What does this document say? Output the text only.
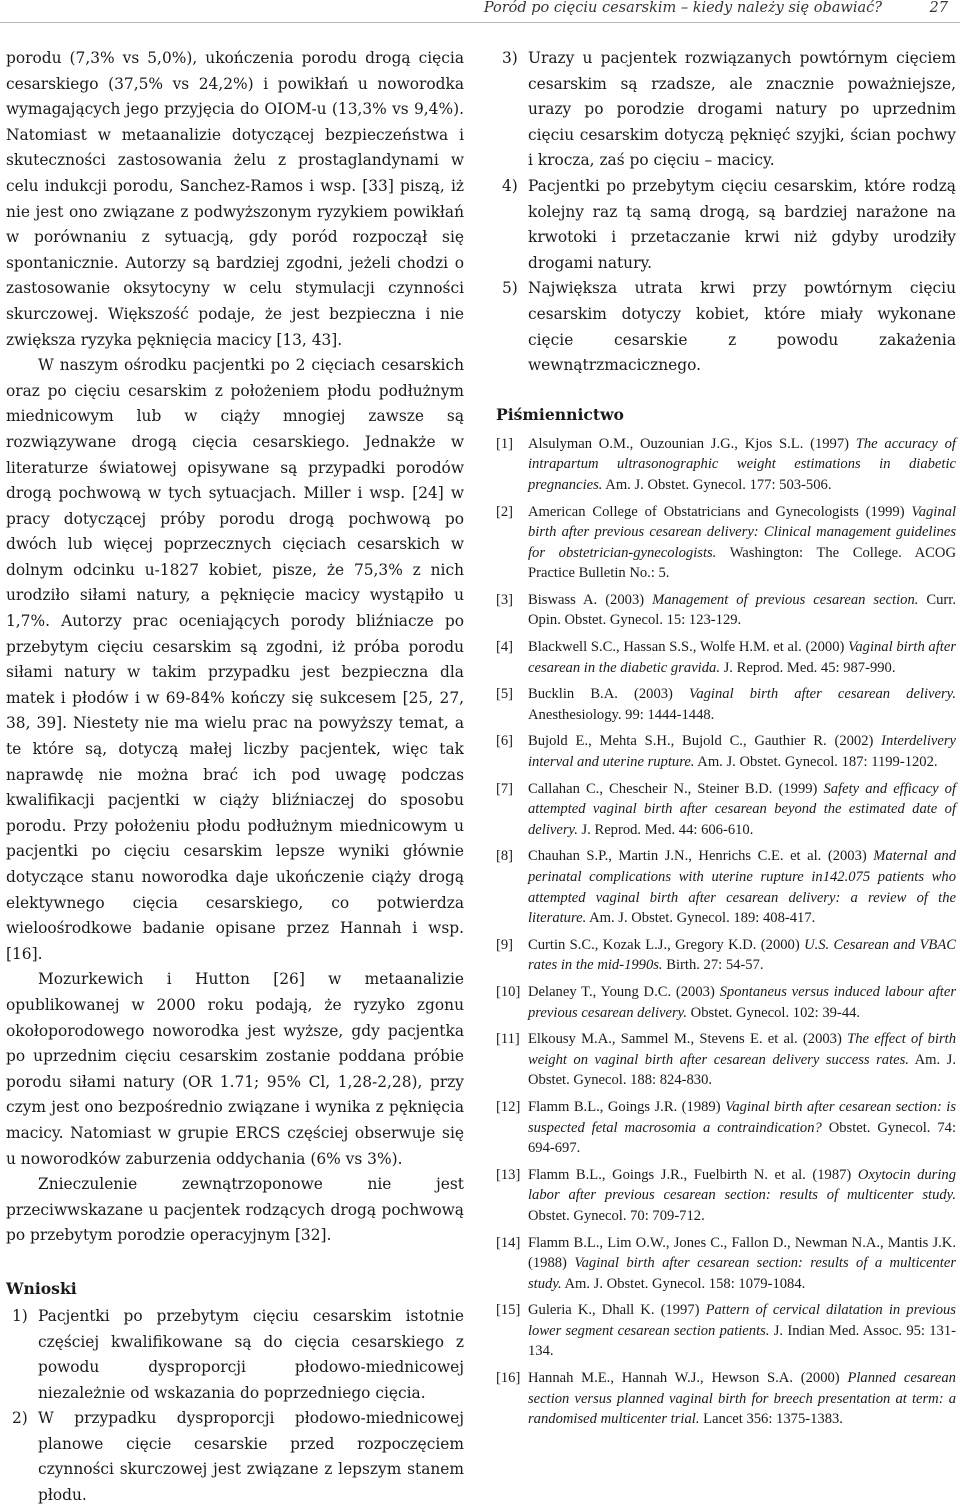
Poród po cięciu cesarskim – kiedy należy się obawiać?	27

porodu (7,3% vs 5,0%), ukończenia porodu drogą cięcia cesarskiego (37,5% vs 24,2%) i powikłań u noworodka wymagających jego przyjęcia do OIOM-u (13,3% vs 9,4%). Natomiast w metaanalizie dotyczącej bezpieczeństwa i skuteczności zastosowania żelu z prostaglandynami w celu indukcji porodu, Sanchez-Ramos i wsp. [33] piszą, iż nie jest ono związane z podwyższonym ryzykiem powikłań w porównaniu z sytuacją, gdy poród rozpoczął się spontanicznie. Autorzy są bardziej zgodni, jeżeli chodzi o zastosowanie oksytocyny w celu stymulacji czynności skurczowej. Większość podaje, że jest bezpieczna i nie zwiększa ryzyka pęknięcia macicy [13, 43].

W naszym ośrodku pacjentki po 2 cięciach cesarskich oraz po cięciu cesarskim z położeniem płodu podłużnym miednicowym lub w ciąży mnogiej zawsze są rozwiązywane drogą cięcia cesarskiego. Jednakże w literaturze światowej opisywane są przypadki porodów drogą pochwową w tych sytuacjach. Miller i wsp. [24] w pracy dotyczącej próby porodu drogą pochwową po dwóch lub więcej poprzecznych cięciach cesarskich w dolnym odcinku u-1827 kobiet, pisze, że 75,3% z nich urodziło siłami natury, a pęknięcie macicy wystąpiło u 1,7%. Autorzy prac oceniających porody bliźniacze po przebytym cięciu cesarskim są zgodni, iż próba porodu siłami natury w takim przypadku jest bezpieczna dla matek i płodów i w 69-84% kończy się sukcesem [25, 27, 38, 39]. Niestety nie ma wielu prac na powyższy temat, a te które są, dotyczą małej liczby pacjentek, więc tak naprawdę nie można brać ich pod uwagę podczas kwalifikacji pacjentki w ciąży bliźniaczej do sposobu porodu. Przy położeniu płodu podłużnym miednicowym u pacjentki po cięciu cesarskim lepsze wyniki głównie dotyczące stanu noworodka daje ukończenie ciąży drogą elektywnego cięcia cesarskiego, co potwierdza wieloośrodkowe badanie opisane przez Hannah i wsp. [16].

Mozurkewich i Hutton [26] w metaanalizie opublikowanej w 2000 roku podają, że ryzyko zgonu okołoporodowego noworodka jest wyższe, gdy pacjentka po uprzednim cięciu cesarskim zostanie poddana próbie porodu siłami natury (OR 1.71; 95% Cl, 1,28-2,28), przy czym jest ono bezpośrednio związane i wynika z pęknięcia macicy. Natomiast w grupie ERCS częściej obserwuje się u noworodków zaburzenia oddychania (6% vs 3%).

Znieczulenie zewnątrzoponowe nie jest przeciwwskazane u pacjentek rodzących drogą pochwową po przebytym porodzie operacyjnym [32].

Wnioski
1) Pacjentki po przebytym cięciu cesarskim istotnie częściej kwalifikowane są do cięcia cesarskiego z powodu dysproporcji płodowo-miednicowej niezależnie od wskazania do poprzedniego cięcia.
2) W przypadku dysproporcji płodowo-miednicowej planowe cięcie cesarskie przed rozpoczęciem czynności skurczowej jest związane z lepszym stanem płodu.
3) Urazy u pacjentek rozwiązanych powtórnym cięciem cesarskim są rzadsze, ale znacznie poważniejsze, urazy po porodzie drogami natury po uprzednim cięciu cesarskim dotyczą pęknięć szyjki, ścian pochwy i krocza, zaś po cięciu – macicy.
4) Pacjentki po przebytym cięciu cesarskim, które rodzą kolejny raz tą samą drogą, są bardziej narażone na krwotoki i przetaczanie krwi niż gdyby urodziły drogami natury.
5) Największa utrata krwi przy powtórnym cięciu cesarskim dotyczy kobiet, które miały wykonane cięcie cesarskie z powodu zakażenia wewnątrzmacicznego.
Piśmiennictwo
[1] Alsulyman O.M., Ouzounian J.G., Kjos S.L. (1997) The accuracy of intrapartum ultrasonographic weight estimations in diabetic pregnancies. Am. J. Obstet. Gynecol. 177: 503-506.
[2] American College of Obstatricians and Gynecologists (1999) Vaginal birth after previous cesarean delivery: Clinical management guidelines for obstetrician-gynecologists. Washington: The College. ACOG Practice Bulletin No.: 5.
[3] Biswass A. (2003) Management of previous cesarean section. Curr. Opin. Obstet. Gynecol. 15: 123-129.
[4] Blackwell S.C., Hassan S.S., Wolfe H.M. et al. (2000) Vaginal birth after cesarean in the diabetic gravida. J. Reprod. Med. 45: 987-990.
[5] Bucklin B.A. (2003) Vaginal birth after cesarean delivery. Anesthesiology. 99: 1444-1448.
[6] Bujold E., Mehta S.H., Bujold C., Gauthier R. (2002) Interdelivery interval and uterine rupture. Am. J. Obstet. Gynecol. 187: 1199-1202.
[7] Callahan C., Chescheir N., Steiner B.D. (1999) Safety and efficacy of attempted vaginal birth after cesarean beyond the estimated date of delivery. J. Reprod. Med. 44: 606-610.
[8] Chauhan S.P., Martin J.N., Henrichs C.E. et al. (2003) Maternal and perinatal complications with uterine rupture in142.075 patients who attempted vaginal birth after cesarean delivery: a review of the literature. Am. J. Obstet. Gynecol. 189: 408-417.
[9] Curtin S.C., Kozak L.J., Gregory K.D. (2000) U.S. Cesarean and VBAC rates in the mid-1990s. Birth. 27: 54-57.
[10] Delaney T., Young D.C. (2003) Spontaneus versus induced labour after previous cesarean delivery. Obstet. Gynecol. 102: 39-44.
[11] Elkousy M.A., Sammel M., Stevens E. et al. (2003) The effect of birth weight on vaginal birth after cesarean delivery success rates. Am. J. Obstet. Gynecol. 188: 824-830.
[12] Flamm B.L., Goings J.R. (1989) Vaginal birth after cesarean section: is suspected fetal macrosomia a contraindication? Obstet. Gynecol. 74: 694-697.
[13] Flamm B.L., Goings J.R., Fuelbirth N. et al. (1987) Oxytocin during labor after previous cesarean section: results of multicenter study. Obstet. Gynecol. 70: 709-712.
[14] Flamm B.L., Lim O.W., Jones C., Fallon D., Newman N.A., Mantis J.K. (1988) Vaginal birth after cesarean section: results of a multicenter study. Am. J. Obstet. Gynecol. 158: 1079-1084.
[15] Guleria K., Dhall K. (1997) Pattern of cervical dilatation in previous lower segment cesarean section patients. J. Indian Med. Assoc. 95: 131-134.
[16] Hannah M.E., Hannah W.J., Hewson S.A. (2000) Planned cesarean section versus planned vaginal birth for breech presentation at term: a randomised multicenter trial. Lancet 356: 1375-1383.
